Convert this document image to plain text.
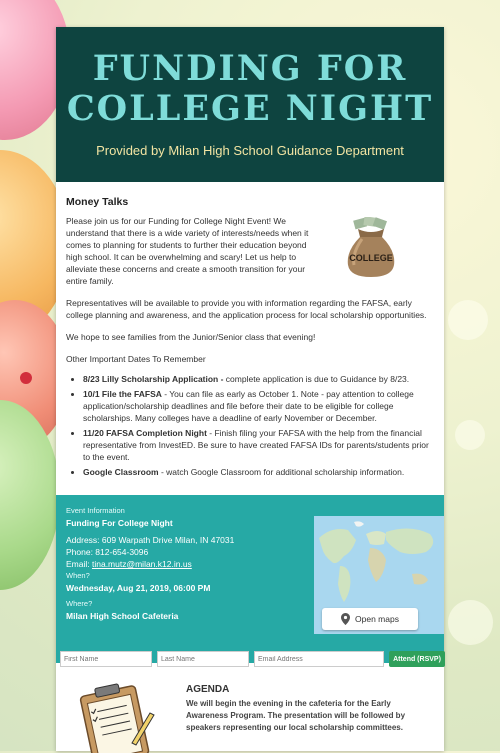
FUNDING FOR
COLLEGE NIGHT
Provided by Milan High School Guidance Department
Money Talks

Please join us for our Funding for College Night Event! We understand that there is a wide variety of interests/needs when it comes to planning for students to further their education beyond high school. It can be overwhelming and scary! Let us help to alleviate these concerns and create a smooth transition for your entire family.

COLLEGE

Representatives will be available to provide you with information regarding the FAFSA, early college planning and awareness, and the application process for local scholarship opportunities.

We hope to see families from the Junior/Senior class that evening!

Other Important Dates To Remember

• 8/23 Lilly Scholarship Application - complete application is due to Guidance by 8/23.
• 10/1 File the FAFSA - You can file as early as October 1. Note - pay attention to college application/scholarship deadlines and file before their date to be eligible for college scholarships. Many colleges have a deadline of early November or December.
• 11/20 FAFSA Completion Night - Finish filing your FAFSA with the help from the financial representative from InvestED. Be sure to have created FAFSA IDs for parents/students prior to the event.
• Google Classroom - watch Google Classroom for additional scholarship information.
Event Information
Funding For College Night
Address: 609 Warpath Drive Milan, IN 47031
Phone: 812-654-3096
Email: tina.mutz@milan.k12.in.us
When?
Wednesday, Aug 21, 2019, 06:00 PM
Where?
Milan High School Cafeteria	Open maps
First Name
Last Name
Email Address
Attend (RSVP)
AGENDA
We will begin the evening in the cafeteria for the Early Awareness Program. The presentation will be followed by speakers representing our local scholarship committees.
